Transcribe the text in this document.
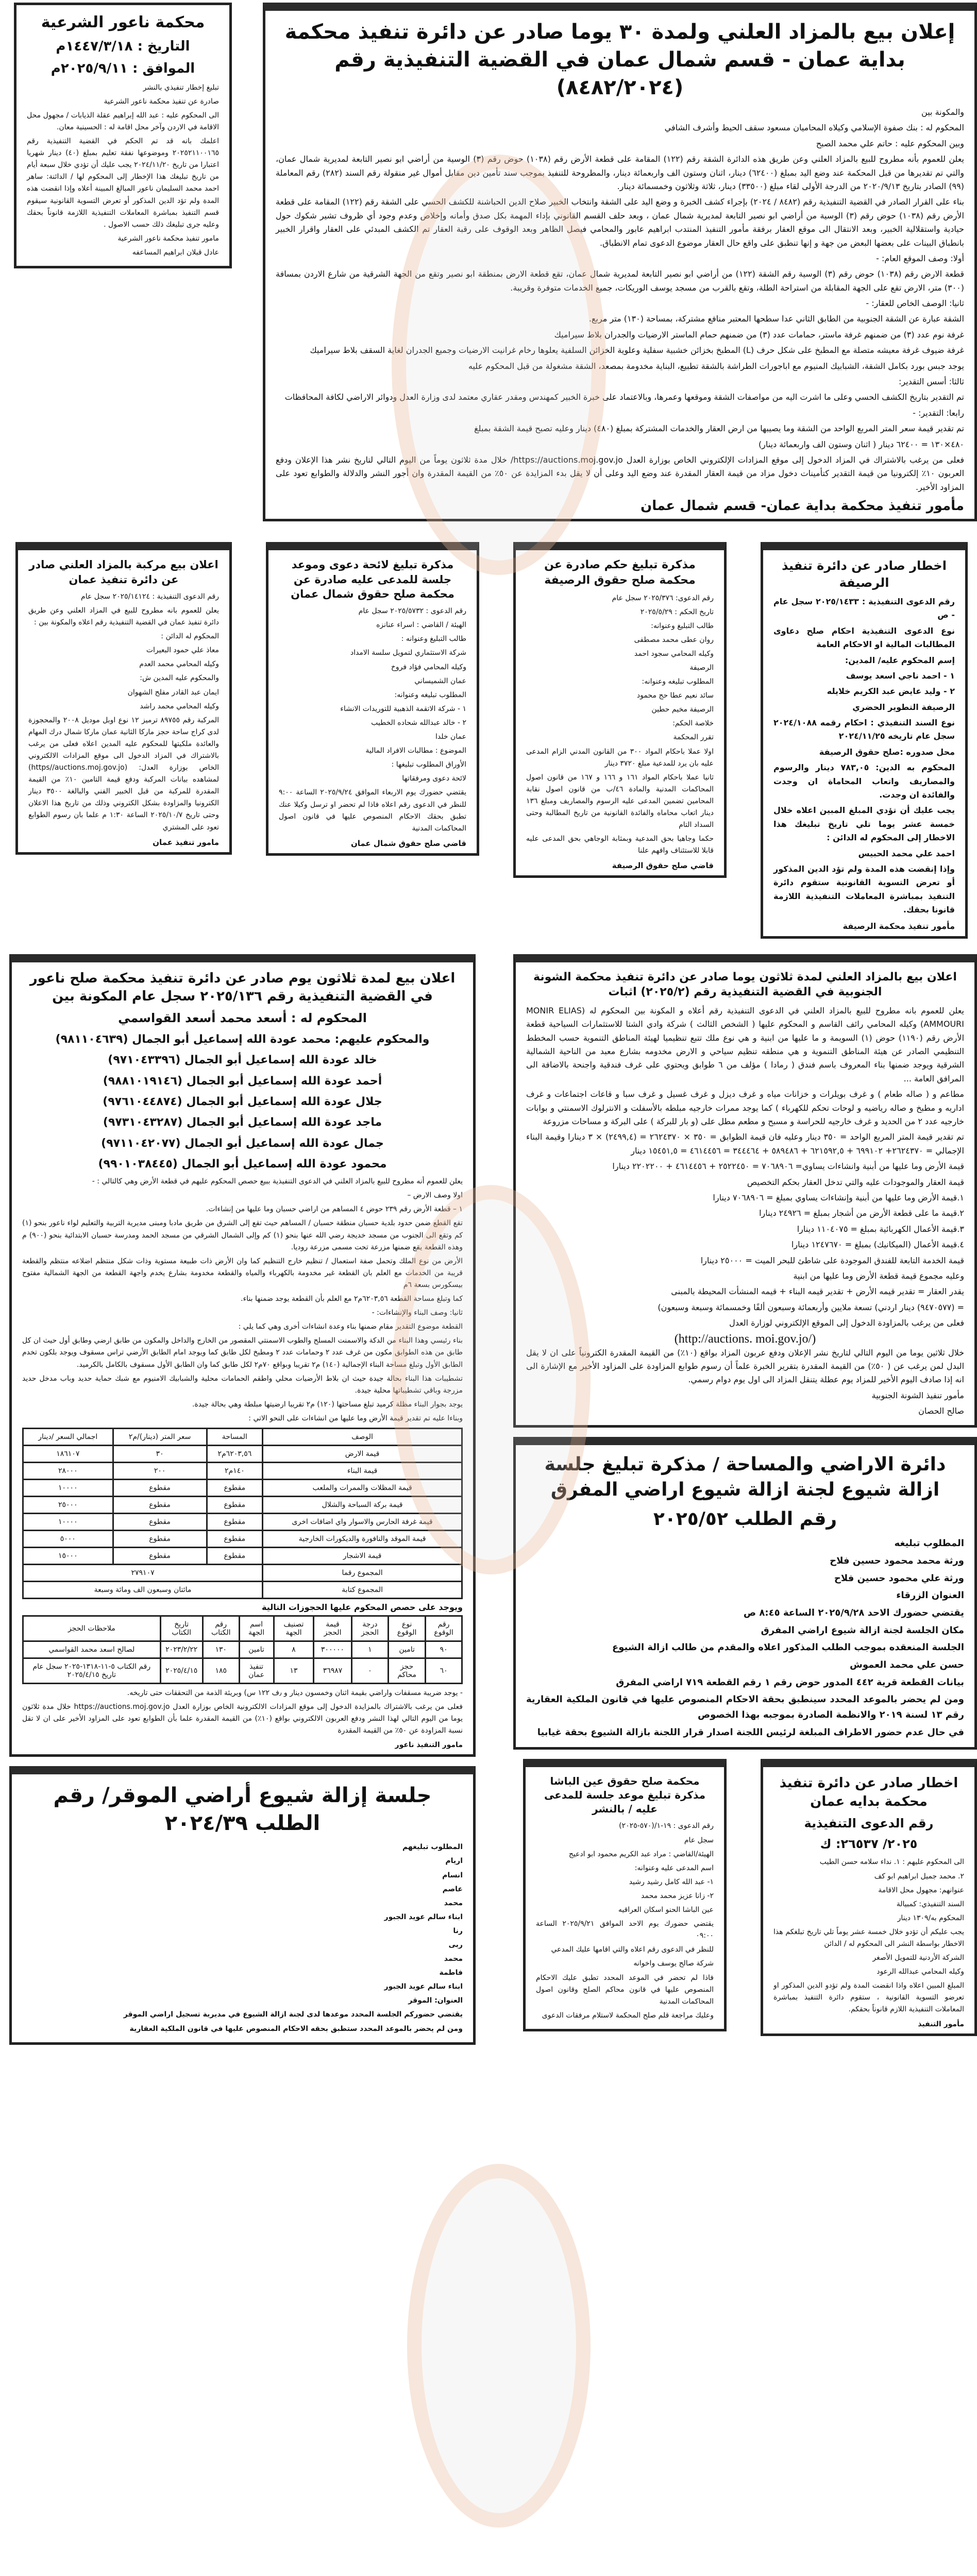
إعلان بيع بالمزاد العلني ولمدة ٣٠ يوما صادر عن دائرة تنفيذ محكمة بداية عمان - قسم شمال عمان في القضية التنفيذية رقم (٨٤٨٢/٢٠٢٤)

والمكونة بين

المحكوم له : بنك صفوة الإسلامي وكيلاه المحاميان مسعود سقف الحيط وأشرف الشافي

وبين المحكوم عليه : حاتم علي محمد الصبح

يعلن للعموم بأنه مطروح للبيع بالمزاد العلني وعن طريق هذه الدائرة الشقة رقم (١٢٢) المقامة على قطعة الأرض رقم (١٠٣٨) حوض رقم (٣) الوسية من أراضي ابو نصير التابعة لمديرية شمال عمان، والتي تم تقديرها من قبل المحكمة عند وضع اليد بمبلغ (٦٢٤٠٠) دينار، اثنان وستون الف واربعمائة دينار، والمطروحة للتنفيذ بموجب سند تأمين دين مقابل أموال غير منقولة رقم السند (٢٨٢) رقم المعاملة (٩٩) الصادر بتاريخ ٢٠٢٠/٩/١٣ من الدرجة الأولى لقاء مبلغ (٣٣٥٠٠) دينار، ثلاثة وثلاثون وخمسمائة دينار.

بناء على القرار الصادر في القضية التنفيذية رقم (٨٤٨٢ / ٢٠٢٤) بإجراء كشف الخبرة و وضع اليد على الشقة وانتخاب الخبير صلاح الدين الحباشنة للكشف الحسي على الشقة رقم (١٢٢) المقامة على قطعة الأرض رقم (١٠٣٨) حوض رقم (٣) الوسية من أراضي ابو نصير التابعة لمديرية شمال عمان ، وبعد حلف القسم القانوني بإداء المهمة بكل صدق وأمانه وإخلاص وعدم وجود أي ظروف تشير شكوك حول حيادية واستقلالية الخبير، وبعد الانتقال الى موقع العقار برفقة مأمور التنفيذ المنتدب ابراهيم عابور والمحامي فيصل الظاهر وبعد الوقوف على رقبة العقار تم الكشف المبدئي على العقار واقرار الخبير بانطباق البينات على بعضها البعض من جهة و إنها تنطبق على واقع حال العقار موضوع الدعوى تمام الانطباق.

أولا: وصف الموقع العام: -

قطعة الارض رقم (١٠٣٨) حوض رقم (٣) الوسية رقم الشقة (١٢٢) من أراضي ابو نصير التابعة لمديرية شمال عمان، تقع قطعة الارض بمنطقة ابو نصير وتقع من الجهة الشرقية من شارع الاردن بمسافة (٣٠٠) متر، الارض تقع على الجهة المقابلة من استراحة الطلة، وتقع بالقرب من مسجد يوسف الوريكات، جميع الخدمات متوفرة وقريبة.

ثانيا: الوصف الخاص للعقار: -

الشقة عبارة عن الشقة الجنوبية من الطابق الثاني عدا سطحها المعتبر منافع مشتركة، بمساحة (١٣٠) متر مربع.

غرفة نوم عدد (٣) من ضمنهم غرفة ماستر، حمامات عدد (٣) من ضمنهم حمام الماستر الارضيات والجدران بلاط سيراميك

غرفة ضيوف غرفة معيشه متصلة مع المطبخ على شكل حرف (L) المطبخ بخزائن خشبية سفلية وعلوية الخزائن السلفية يعلوها رخام غرانيت الارضيات وجميع الجدران لغاية السقف بلاط سيراميك

يوجد جبس بورد بكامل الشقة، الشبابيك المنيوم مع اباجورات الطراشة بالشقة تطبيع، البناية مخدومة بمصعد، الشقة مشغولة من قبل المحكوم عليه

ثالثا: أسس التقدير:

تم التقدير بتاريخ الكشف الحسي وعلى ما اشرت اليه من مواصفات الشقة وموقعها وعمرها، وبالاعتماد على خبرة الخبير كمهندس ومقدر عقاري معتمد لدى وزارة العدل ودوائر الاراضي لكافة المحافظات

رابعا: التقدير: -

تم تقدير قيمة سعر المتر المربع الواحد من الشقة وما يصيبها من ارض العقار والخدمات المشتركة بمبلغ (٤٨٠) دينار وعليه تصبح قيمة الشقة بمبلغ

٤٨٠×١٣٠ = ٦٢٤٠٠ دينار ( اثنان وستون الف واربعمائة دينار)

فعلى من يرغب بالاشتراك في المزاد الدخول إلى موقع المزادات الإلكتروني الخاص بوزارة العدل https://auctions.moj.gov.jo/ خلال مدة ثلاثون يوماً من اليوم التالي لتاريخ نشر هذا الإعلان ودفع العربون ١٠٪ إلكترونيا من قيمة التقدير كتأمينات دخول مزاد من قيمة العقار المقدرة عند وضع اليد وعلى أن لا يقل بدء المزايدة عن ٥٠٪ من القيمة المقدرة وان أجور النشر والدلالة والطوابع تعود على المزاود الأخير.

مأمور تنفيذ محكمة بداية عمان- قسم شمال عمان
محكمة ناعور الشرعية
التاريخ : ١٤٤٧/٣/١٨م
الموافق : ٢٠٢٥/٩/١١م

تبليغ إخطار تنفيذي بالنشر

صادرة عن تنفيذ محكمة ناعور الشرعية

الى المحكوم عليه : عبد الله إبراهيم عقلة الذيابات / مجهول محل الاقامة في الاردن وآخر محل اقامة له : الحسينية معان.

اعلمك بانه قد تم الحكم في القضية التنفيذية رقم ٢٠٢٥٢١١٠٠١٦٥ وموضوعها نفقة تعليم بمبلغ (٤٠) دينار شهريا اعتبارا من تاريخ ٢٠٢٤/١١/٢٠ يجب عليك أن تؤدي خلال سبعة أيام من تاريخ تبليغك هذا الإخطار إلى المحكوم لها / الدائنة: ساهر احمد محمد السليمان ناعور المبالغ المبينة أعلاه وإذا انقضت هذه المدة ولم تؤد الدين المذكور أو تعرض التسوية القانونية سيقوم قسم التنفيذ بمباشرة المعاملات التنفيذية اللازمة قانوناً بحقك وعليه جرى تبليغك ذلك حسب الاصول .

مامور تنفيذ محكمة ناعور الشرعية

عادل قبلان ابراهيم المساعفه

اخطار صادر عن دائرة تنفيذ الرصيفة

رقم الدعوى التنفيذية : ٢٠٢٥/١٤٣٣ سجل عام - ص

نوع الدعوى التنفيذية احكام صلح دعاوى المطالبات المالية او الاحكام العامة

إسم المحكوم عليه/ المدين:

١ - احمد ناجي اسعد يوسف

٢ - وليد عايض عبد الكريم خلايله

الرصيفة التطوير الحضري

نوع السند التنفيذي : احكام رقمه ٢٠٢٤/١٠٨٨ سجل عام تاريخه ٢٠٢٤/١١/٢٥

محل صدوره :صلح حقوق الرصيفة

المحكوم به الدين: ٧٨٣,٠٥ دينار والرسوم والمصاريف واتعاب المحاماة ان وجدت والفائدة ان وجدت.

يجب عليك أن تؤدي المبلغ المبين اعلاه خلال خمسة عشر يوما تلي تاريخ تبليغك هذا الاخطار إلى المحكوم له الدائن :

احمد علي محمد الحبيس

وإذا إنقضت هذه المدة ولم تؤد الدين المذكور أو تعرض التسوية القانونية ستقوم دائرة التنفيذ بمباشرة المعاملات التنفيذية اللازمة قانونا بحقك.

مأمور تنفيذ محكمة الرصيفة
مذكرة تبليغ حكم صادرة عن محكمة صلح حقوق الرصيفة

رقم الدعوى: ٢٠٢٥/٣٧٦ سجل عام

تاريخ الحكم : ٢٠٢٥/٥/٢٩

طالب التبليغ وعنوانه:

روان عطى محمد مصطفى

وكيله المحامي سجود احمد

الرصيفة

المطلوب تبليغه وعنوانه:

سائد نعيم عطا حج محمود

الرصيفة مخيم حطين

خلاصة الحكم:

تقرر المحكمة

اولا عملا باحكام المواد ٣٠٠ من القانون المدني الزام المدعى عليه بان يرد للمدعية مبلغ ٣٧٢٠ دينار

ثانيا عملا باحكام المواد ١٦١ و ١٦٦ و ١٦٧ من قانون اصول المحاكمات المدنية والمادة ٤٦/ب من قانون اصول نقابة المحامين تضمين المدعى عليه الرسوم والمصاريف ومبلغ ١٣٦ دينار اتعاب محاماه والفائدة القانونية من تاريخ المطالبة وحتى السداد التام

حكما وجاهيا بحق المدعية وبمثابة الوجاهي بحق المدعى عليه قابلا للاستئناف وافهم علنا

قاضي صلح حقوق الرصيفة
مذكرة تبليغ لائحة دعوى وموعد جلسة للمدعى عليه صادرة عن محكمة صلح حقوق شمال عمان

رقم الدعوى : ٢٠٢٥/٥٧٣٢ سجل عام

الهيئة / القاضي : اسراء عنانزه

طالب التبليغ وعنوانه :

شركة الاستثماري لتمويل سلسة الامداد

وكيله المحامي فؤاد فروخ

عمان الشميساني

المطلوب تبليغه وعنوانه:

١ - شركة الاتقمة الذهبية للتوريدات الانشاء

٢ - خالد عبدالله شحاده الخطيب

عمان خلدا

الموضوع : مطالبات الافراد المالية

الأوراق المطلوب تبليغها :

لائحة دعوى ومرفقاتها

يقتضي حضورك يوم الاربعاء الموافق ٢٠٢٥/٩/٢٤ الساعة ٩:٠٠ للنظر في الدعوى رقم اعلاه فاذا لم تحضر او ترسل وكيلا عنك تطبق بحقك الاحكام المنصوص عليها في قانون اصول المحاكمات المدنية

قاضي صلح حقوق شمال عمان
اعلان بيع مركبة بالمزاد العلني صادر عن دائرة تنفيذ عمان

رقم الدعوى التنفيذية : ٢٠٢٥/١٤١٢٤ سجل عام

يعلن للعموم بانه مطروح للبيع في المزاد العلني وعن طريق دائرة تنفيذ عمان في القضية التنفيذية رقم اعلاه والمكونة بين :

المحكوم له الدائن :

معاذ علي حمود البعيرات

وكيله المحامي محمد العدم

والمحكوم عليه المدين ش:

ايمان عبد القادر مفلح الشهوان

وكيله المحامي محمد راشد

المركبة رقم ٨٩٧٥٥ ترميز ١٢ نوع اوبل موديل ٢٠٠٨ والمحجوزة لدى كراج ساحة حجز ماركا الثانية عمان ماركا شمال درك المهام والعائدة ملكيتها للمحكوم عليه المدين اعلاه فعلى من يرغب بالاشتراك في المزاد الدخول الى موقع المزادات الالكتروني الخاص بوزارة العدل: (https//auctions.moj.gov.jo) لمشاهده بيانات المركبة ودفع قيمة التامين ١٠٪ من القيمة المقدرة للمركبة من قبل الخبير الفني والبالغة ٣٥٠٠ دينار الكترونيا والمزاودة بشكل الكتروني وذلك من تاريخ هذا الاعلان وحتى تاريخ ٢٠٢٥/١٠/٧ الساعة ١:٣٠ م علما بان رسوم الطوابع تعود على المشتري

مامور تنفيذ عمان
اعلان بيع بالمزاد العلني لمدة ثلاثون يوما صادر عن دائرة تنفيذ محكمة الشونة الجنوبية في القضية التنفيذية رقم (٢٠٢٥/٢) اثبات

يعلن للعموم بانه مطروح للبيع بالمزاد العلني في الدعوى التنفيذية رقم أعلاه و المكونة بين المحكوم له (MONIR ELIAS AMMOURI) وكيله المحامي رائف القاسم و المحكوم عليها ( الشخص الثالث ) شركة وادي الشتا للاستثمارات السياحية قطعة الأرض رقم (١١٩٠) حوض (١) السويمة و ما عليها من ابنية و هي نوع ملك تتبع تنظيميا لهيئة المناطق التنموية حسب المخطط التنظيمي الصادر عن هيئة المناطق التنموية و هي منطقه تنظيم سياحي و الارض مخدومه بشارع معبد من الناحية الشمالية الشرقية ويوجد ضمنها بناء المعروف باسم فندق ( رمادا ) مؤلف من ٦ طوابق ويحتوي على غرف فندقية واجنحة بالاضافة الى المرافق العامة ...

مطاعم و ( صاله طعام ) و غرف بويلرات و خزانات مياه و غرف ديزل و غرف غسيل و غرف سبا و قاعات اجتماعات و غرف اداريه و مطبخ و صاله رياضيه و لوحات تحكم للكهرباء ) كما يوجد ممرات خارجيه مبلطه بالأسفلت و الانترلوك الاسمنتي و بوابات خارجيه عدد ٢ من الحديد و غرف خارجيه للحراسة و مسبح و مطعم مطل على (و بار للبركة ) على البركة و مساحات مزروعة

تم تقدير قيمة المتر المربع الواحد = ٣٥٠ دينار وعليه فان قيمة الطوابق = ٣٥٠ × ٢٦٢٤٣٧٠ = (٢٤٩٩,٤) × ٣ دينارا وقيمة البناء الإجمالي = ٢٦٢٤٣٧٠+ ٦٩٩١٠٢ + ٦٢١٥٩٢,٥ + ٥٨٩٤٨٦ + ٣٤٤٤٦٤ = ٤٦١٤٤٥٦ = ١٥٤٥١,٥ دينار

قيمة الأرض وما عليها من أبنية وانشاءات يساوي= ٧٠٦٨٩٠٦ = ٢٥٢٢٤٥٠ + ٤٦١٤٤٥٦ + ٢٢٠٢٢٠٠ دينارا

قيمة العقار والموجودات عليه والتي تدخل العقار بحكم التخصيص

١.قيمة الأرض وما عليها من أبنية وإنشاءات يساوي بمبلغ = ٧٠٦٨٩٠٦ دينارا

٢.قيمة ما على قطعة الأرض من أشجار بمبلغ = ٢٤٩٢٦ دينارا

٣.قيمة الأعمال الكهربائية بمبلغ = ١١٠٤٠٧٥ دينارا

٤.قيمة الأعمال (الميكانيك) بمبلغ = ١٢٤٧٦٧٠ دينارا

قيمة الخدمة التابعة للفندق الموجودة على شاطئ للبحر الميت = ٢٥٠٠٠ دينارا

وعليه مجموع قيمة قطعة الأرض وما عليها من ابنية

يقدر العقار = تقدير قيمه الأرض + تقدير قيمه البناء + قيمه المنشأت المحيطة بالمبنى

= (٩٤٧٠٥٧٧) دينار اردني) تسعة ملايين وأربعمائة وسبعون ألفًا وخمسمائة وسبعة وسبعون)

فعلى من يرغب بالمزاودة الدخول إلى الموقع الإلكتروني لوزارة العدل

(http://auctions. moi.gov.jo/)

خلال ثلاثين يوما من اليوم التالي لتاريخ نشر الإعلان ودفع عربون المزاد بواقع (١٠٪) من القيمة المقدرة الكترونياً على ان لا يقل البدل لمن يرغب عن ( ٥٠٪) من القيمة المقدرة بتقرير الخبرة علماً أن رسوم طوابع المزاودة على المزاود الأخير مع الإشارة الى انه إذا صادف اليوم الأخير للمزاد يوم عطلة يتنقل المزاد الى اول يوم دوام رسمي.

مأمور تنفيذ الشونة الجنوبية

صالح الحصان

دائرة الاراضي والمساحة / مذكرة تبليغ جلسة ازالة شيوع لجنة ازالة شيوع اراضي المفرق
رقم الطلب ٢٠٢٥/٥٢

المطلوب تبليغه

ورثة محمد محمود حسين فلاح

ورثة علي محمود حسين فلاح

العنوان الزرقاء

يقتضي حضورك الاحد ٢٠٢٥/٩/٢٨ الساعة ٨:٤٥ ص

مكان الجلسة لجنة ازالة شيوع اراضي المفرق

الجلسة المنعقده بموجب الطلب المذكور اعلاه والمقدم من طالب ازالة الشيوع

حسن علي محمد العموش

بيانات القطعة قرية ٤٤٢ المدور حوض رقم ١ رقم القطعة ٧١٩ اراضي المفرق

ومن لم يحضر بالموعد المحدد سينطبق بحقة الاحكام المنصوص عليها في قانون الملكية العقارية رقم ١٣ لسنة ٢٠١٩ والانظمة الصادرة بموجبه بهذا الخصوص

في حال عدم حضور الاطراف المبلغة لرئيس اللجنة اصدار قرار اللجنة بازالة الشيوع بحقة غيابيا

اخطار صادر عن دائرة تنفيذ محكمة بدايه عمان
رقم الدعوى التنفيذية
٢٠٢٥/ ٢٦٥٣٧: ك

الى المحكوم عليهم : ١. نداء سلامه حسن الطيب

٢. محمد جميل ابراهيم ابو كف

عنوانهم: مجهول محل الاقامة

السند التنفيذي: كمبيالة

المحكوم به/١٣٠٩ دينار

يجب عليكم أن تؤدو خلال خمسة عشر يوماً تلي تاريخ تبلغكم هذا الاخطار بواسطة النشر الى المحكوم له / الدائن

الشركة الأردنية للتمويل الأصغر

وكيله المحامي عبدالله الرعود

المبلغ المبين اعلاه واذا انقضت المدة ولم تؤدو الدين المذكور او تعرضو التسوية القانونية ، ستقوم دائرة التنفيذ بمباشرة المعاملات التنفيذية اللازم قانوناً بحقكم.

مأمور التنفيذ
محكمة صلح حقوق عين الباشا مذكرة تبليغ موعد جلسة للمدعى عليه / بالنشر

رقم الدعوى : ١٩-١/(٥٧٠-٢٠٢٥)

سجل عام

الهيئة/القاضي : مراد عبد الكريم محمود ابو ادعيج

اسم المدعى عليه وعنوانه:

١- عبد الله كامل رشيد رشيد

٢- زانا عزيز محمد محمد

عين الباشا الحنو اسكان العراقيه

يقتضي حضورك يوم الاحد الموافق ٢٠٢٥/٩/٢١ الساعة ٠٩:٠٠

للنظر في الدعوى رقم اعلاه والتي اقامها عليك المدعي

شركة صالح يوسف واخوانه

فاذا لم تحضر في الموعد المحدد تطبق عليك الاحكام المنصوص عليها في قانون محاكم الصلح وقانون اصول المحاكمات المدنية

وعليك مراجعة قلم صلح المحكمة لاستلام مرفقات الدعوى

اعلان بيع لمدة ثلاثون يوم صادر عن دائرة تنفيذ محكمة صلح ناعور في القضية التنفيذية رقم ٢٠٢٥/١٣٦ سجل عام المكونة بين
المحكوم له : أسعد محمد أسعد القواسمي

والمحكوم عليهم: محمد عودة الله إسماعيل أبو الجمال (٩٨١١٠٤٦٣٩)

خالد عودة الله إسماعيل أبو الجمال (٩٧١٠٤٣٣٩٦)

أحمد عودة الله إسماعيل أبو الجمال (٩٨٨١٠١٩١٤٦)

جلال عودة الله إسماعيل أبو الجمال (٩٧٦١٠٤٤٨٧٤)

ماجد عودة الله إسماعيل أبو الجمال (٩٧٣١٠٤٣٢٨٧)

جمال عودة الله إسماعيل أبو الجمال (٩٧١١٠٤٢٠٧٧)

محمود عودة الله إسماعيل أبو الجمال (٩٩٠١٠٣٨٤٤٥)

يعلن للعموم أنه مطروح للبيع بالمزاد العلني في الدعوى التنفيذية ببيع حصص المحكوم عليهم في قطعة الأرض وهي كالتالي : -

اولا وصف الارض –

١ – قطعة الأرض رقم ٢٣٩ حوض ٤ المساهم من اراضي حسبان وما عليها من إنشاءات.

تقع القطع ضمن حدود بلدية حسبان منطقة حسبان / المساهم حيث تقع إلى الشرق من طريق مادبا ومبنى مديرية التربية والتعليم لواء ناعور بنحو (١) كم وتقع الى الجنوب من مسجد خديجة رضي الله عنها بنحو (١) كم وإلى الشمال الشرقي من مسجد الحمد ومدرسة حسبان الابتدائية بنحو (٩٠٠) م وهذه القطعة يقع ضمنها مزرعة تحت مسمى مزرعة روديا.

الأرض من نوع الملك وتحمل صفة استعمال / تنظيم خارج التنظيم كما وان الأرض ذات طبيعة مستوية وذات شكل منتظم اضلاعه منتظم والقطعة قريبة من الخدمات مع العلم بان القطعة غير مخدومة بالكهرباء والمياه والقطعة مخدومة بشارع يخدم واجهة القطعة من الجهة الشمالية مفتوح بيسكورس بسعة ٦م

كما وتبلغ مساحة القطعة ٦٢٠٣,٥٦م٢ مع العلم بأن القطعة يوجد ضمنها بناء.

ثانيا: وصف البناء والإنشاءات: -

القطعة موضوع التقدير مقام ضمنها بناء وعدة انشاءات أخرى وهي كما يلي :

بناء رئيسي وهذا البناء من الدكة والاسمنت المسلح والطوب الاسمنتي المقصور من الخارج والداخل والمكون من طابق ارضي وطابق أول حيث ان كل طابق من هذه الطوابق مكون من غرف عدد ٢ وحمامات عدد ٢ ومطبخ لكل طابق كما ويوجد امام الطابق الأرضي تراس مسقوف ويوجد بلكون تخدم الطابق الأول وتبلغ مساحة البناء الإجمالية (١٤٠) م٢ تقريبا وبواقع ٧٠م٢ لكل طابق كما وان الطابق الأول مسقوف بالكامل بالكرميد.

تشطيبات هذا البناء بحالة جيدة حيث ان بلاط الأرضيات محلي واطقم الحمامات محلية والشبابيك الامنيوم مع شبك حماية حديد وباب مدخل حديد مزرجة وباقي تشطيباتها محلية جيدة.

يوجد بجوار البناء مظلة كرميد تبلغ مساحتها (١٢٠) م٢ تقريبا ارضيتها مبلطة وهي بحالة جيدة.

وبناءا عليه تم تقدير قيمة الأرض وما عليها من انشاءات على النحو الاتي :

الوصف	المساحة	سعر المتر (دينار)/م٢	اجمالي السعر /دينار
قيمة الارض	٦٢٠٣,٥٦م٢	٣٠	١٨٦١٠٧
قيمة البناء	١٤٠م٢	٢٠٠	٢٨٠٠٠
قيمة المظلات والممرات والملعب	مقطوع	مقطوع	١٠٠٠٠
قيمة بركة السباحة والشلال	مقطوع	مقطوع	٢٥٠٠٠
قيمة غرفة الحارس والاسوار واي اضافات اخرى	مقطوع	مقطوع	١٠٠٠٠
قيمة الموقد والنافورة والديكورات الخارجية	مقطوع	مقطوع	٥٠٠٠
قيمة الاشجار	مقطوع	مقطوع	١٥٠٠٠
المجموع رقما	٢٧٩١٠٧		
المجموع كتابة	مائتان وسبعون الف ومائة وسبعة		
ويوجد على حصص المحكوم عليها الحجوزات التالية
رقم الوقوع	نوع الوقوع	درجة الحجز	قيمة الحجز	تصنيف الجهة	اسم الجهة	رقم الكتاب	تاريخ الكتاب	ملاحظات الحجز
٩٠	تامين	١	٣٠٠٠٠٠	٨	تامين	١٣٠	٢٠٢٣/٢/٢٢	لصالح اسعد محمد القواسمي
٦٠	حجز محاكم	٠	٣٦٩٨٧	١٣	تنفيذ عمان	١٨٥	٢٠٢٥/٤/١٥	رقم الكتاب ٥-١١-١٣١٨-٢٠٢٥ سجل عام تاريخ ٢٠٢٥/٤/١٥

- يوجد ضريبة مسقفات واراضي بقيمة اثنان وخمسون دينار و ٫ف ١٢٢ س) وبريئة الذمة من التحققات حتى تاريخه.

فعلى من يرغب بالاشتراك بالمزايدة الدخول إلى موقع المزادات الالكترونية الخاص بوزارة العدل https://auctions.moj.gov.jo خلال مدة ثلاثون يوما من اليوم التالي لهذا النشر ودفع العربون الالكتروني بواقع (١٠٪) من القيمة المقدرة علما بأن الطوابع تعود على المزاود الأخير على ان لا تقل نسبة المزاودة عن ٥٠٪ من القيمة المقدرة

مامور التنفيذ ناعور
جلسة إزالة شيوع أراضي الموقر/ رقم الطلب ٢٠٢٤/٣٩

المطلوب تبليغهم

اريام

انسام

عاصم

محمد

ابناء سالم عويد الجبور

رنا

ربى

محمد

فاطمة

ابناء سالم عويد الجبور

العنوان: الموقر

يقتضي حضوركم الجلسة المحدد موعدها لدى لجنة ازالة الشيوع في مديرية تسجيل اراضي الموقر

ومن لم يحضر بالموعد المحدد ستطبق بحقه الاحكام المنصوص عليها في قانون الملكية العقارية
